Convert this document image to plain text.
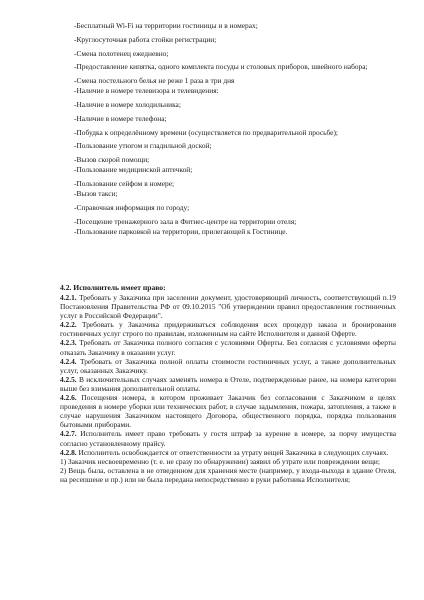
-Бесплатный Wi-Fi на территории гостиницы и в номерах;
-Круглосуточная работа стойки регистрации;
-Смена полотенец ежедневно;
-Предоставление кипятка, одного комплекта посуды и столовых приборов, швейного набора;
-Смена постельного белья не реже 1 раза в три дня
-Наличие в номере телевизора и телевидения:
-Наличие в номере холодильника;
-Наличие в номере телефона;
-Побудка к определённому времени (осуществляется по предварительной просьбе);
-Пользование утюгом и гладильной доской;
-Вызов скорой помощи;
-Пользование медицинской аптечкой;
-Пользование сейфом в номере;
-Вызов такси;
-Справочная информация по городу;
-Посещение тренажерного зала в Фитнес-центре на территории отеля;
-Пользование парковкой на территории, прилегающей к Гостинице.
4.2. Исполнитель имеет право:

4.2.1. Требовать у Заказчика при заселении документ, удостоверяющий личность, соответствующий п.19 Постановления Правительства РФ от 09.10.2015 "Об утверждении правил предоставления гостиничных услуг в Российской Федерации".

4.2.2. Требовать у Заказчика придерживаться соблюдения всех процедур заказа и бронирования гостиничных услуг строго по правилам, изложенным на сайте Исполнителя и данной Оферте.

4.2.3. Требовать от Заказчика полного согласия с условиями Оферты. Без согласия с условиями оферты отказать Заказчику в оказании услуг.

4.2.4. Требовать от Заказчика полной оплаты стоимости гостиничных услуг, а также дополнительных услуг, оказанных Заказчику.

4.2.5. В исключительных случаях заменять номера в Отеле, подтвержденные ранее, на номера категории выше без взимания дополнительной оплаты.

4.2.6. Посещения номера, в котором проживает Заказчик без согласования с Заказчиком в целях проведения в номере уборки или технических работ, в случае задымления, пожара, затопления, а также в случае нарушения Заказчиком настоящего Договора, общественного порядка, порядка пользования бытовыми приборами.

4.2.7. Исполнитель имеет право требовать у гостя штраф за курение в номере, за порчу имущества согласно установленному прайсу.

4.2.8. Исполнитель освобождается от ответственности за утрату вещей Заказчика в следующих случаях.

1) Заказчик несвоевременно (т. е. не сразу по обнаружении) заявил об утрате или повреждении вещи;

2) Вещь была, оставлена в не отведенном для хранения месте (например, у входа-выхода в здание Отеля, на ресепшене и пр.) или не была передана непосредственно в руки работника Исполнителя;
